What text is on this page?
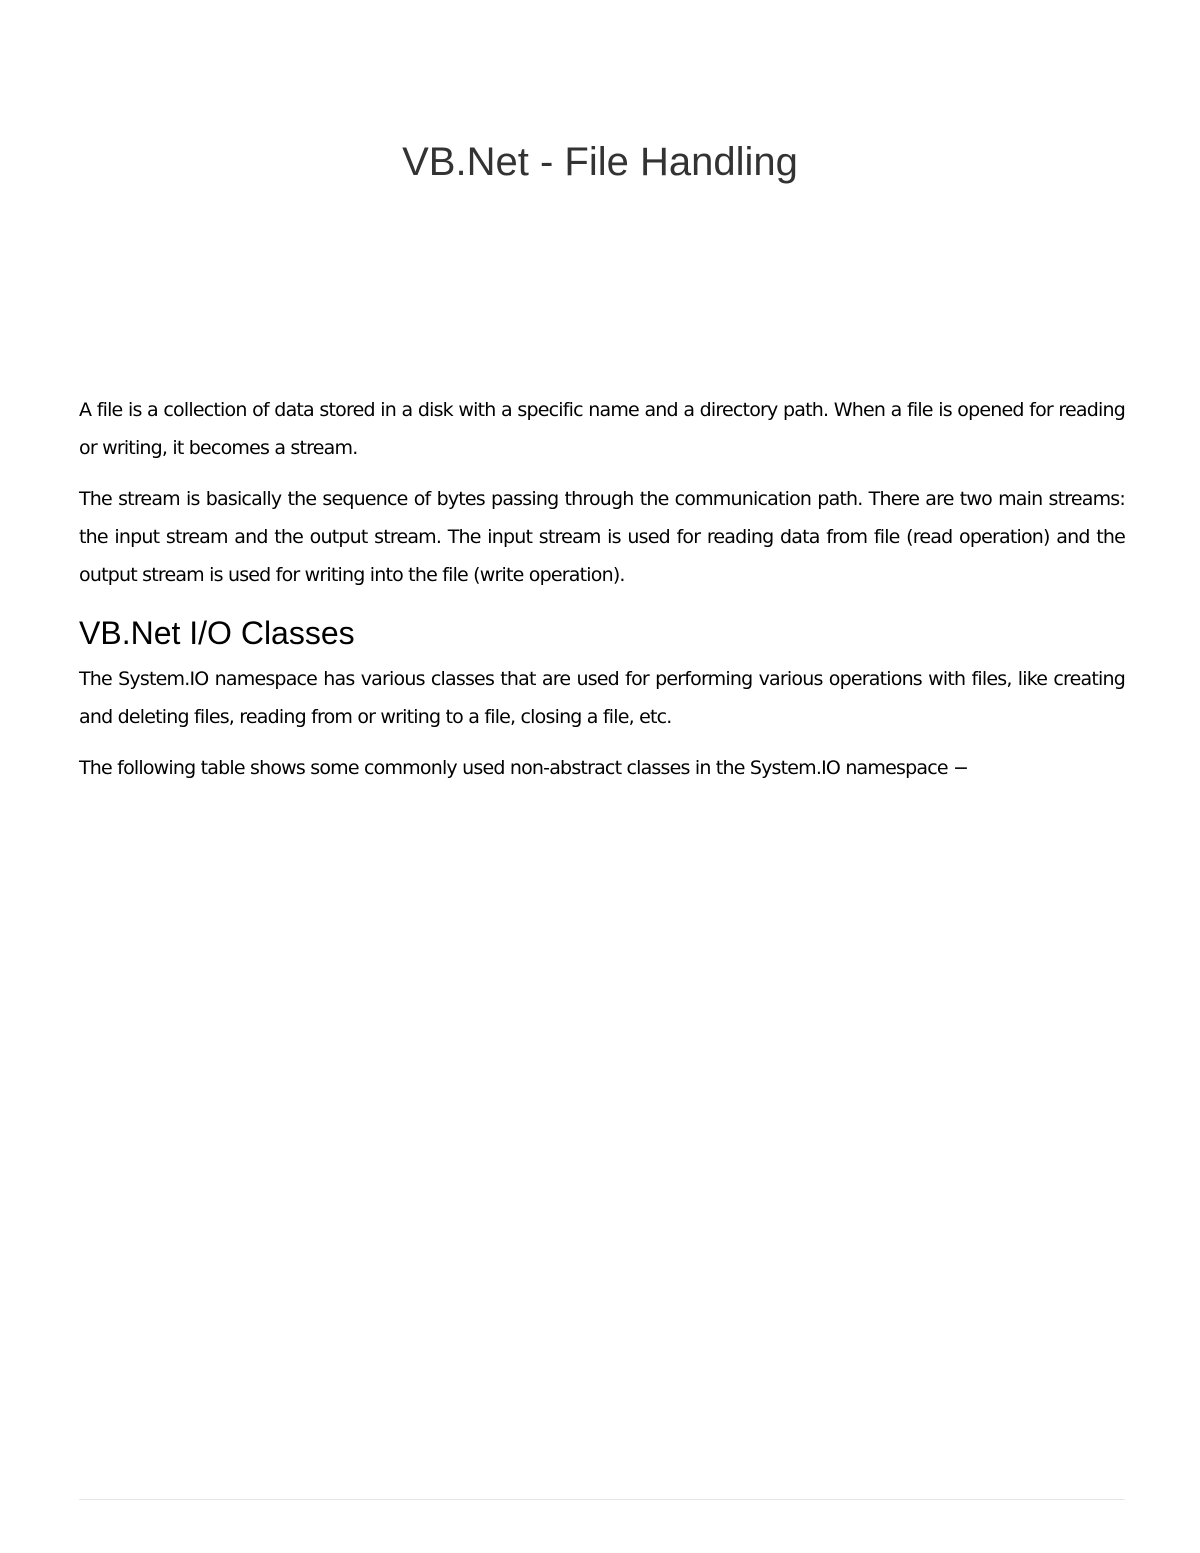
VB.Net - File Handling

A file is a collection of data stored in a disk with a specific name and a directory path. When a file is opened for reading or writing, it becomes a stream.

The stream is basically the sequence of bytes passing through the communication path. There are two main streams: the input stream and the output stream. The input stream is used for reading data from file (read operation) and the output stream is used for writing into the file (write operation).

VB.Net I/O Classes

The System.IO namespace has various classes that are used for performing various operations with files, like creating and deleting files, reading from or writing to a file, closing a file, etc.

The following table shows some commonly used non-abstract classes in the System.IO namespace −
